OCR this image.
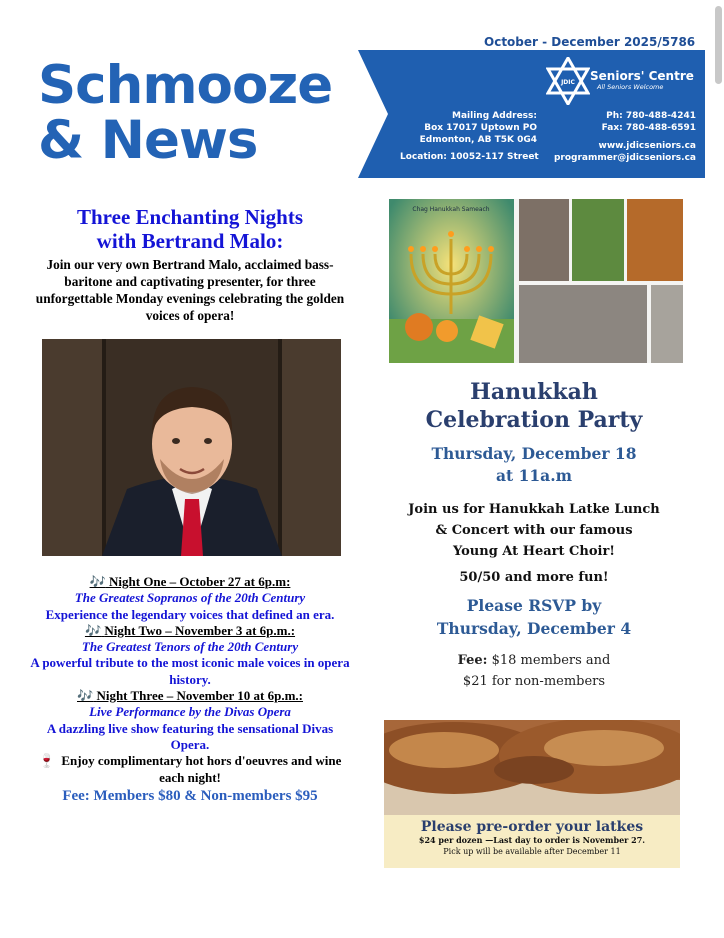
October - December 2025/5786
Schmooze
& News
JDIC Seniors' Centre
All Seniors Welcome
Mailing Address:
Box 17017 Uptown PO
Edmonton, AB T5K 0G4
Location: 10052-117 Street
Ph: 780-488-4241
Fax: 780-488-6591
www.jdicseniors.ca
programmer@jdicseniors.ca
Three Enchanting Nights
with Bertrand Malo:
Join our very own Bertrand Malo, acclaimed bass-baritone and captivating presenter, for three unforgettable Monday evenings celebrating the golden voices of opera!
🎶 Night One – October 27 at 6p.m:
The Greatest Sopranos of the 20th Century
Experience the legendary voices that defined an era.
🎶 Night Two – November 3 at 6p.m.:
The Greatest Tenors of the 20th Century
A powerful tribute to the most iconic male voices in opera history.
🎶 Night Three – November 10 at 6p.m.:
Live Performance by the Divas Opera
A dazzling live show featuring the sensational Divas Opera.
🍷 Enjoy complimentary hot hors d'oeuvres and wine each night!
Fee: Members $80 & Non-members $95
Chag Hanukkah Sameach
Hanukkah
Celebration Party
Thursday, December 18
at 11a.m
Join us for Hanukkah Latke Lunch
& Concert with our famous
Young At Heart Choir!
50/50 and more fun!
Please RSVP by
Thursday, December 4
Fee: $18 members and
$21 for non-members
Please pre-order your latkes
$24 per dozen —Last day to order is November 27.
Pick up will be available after December 11
